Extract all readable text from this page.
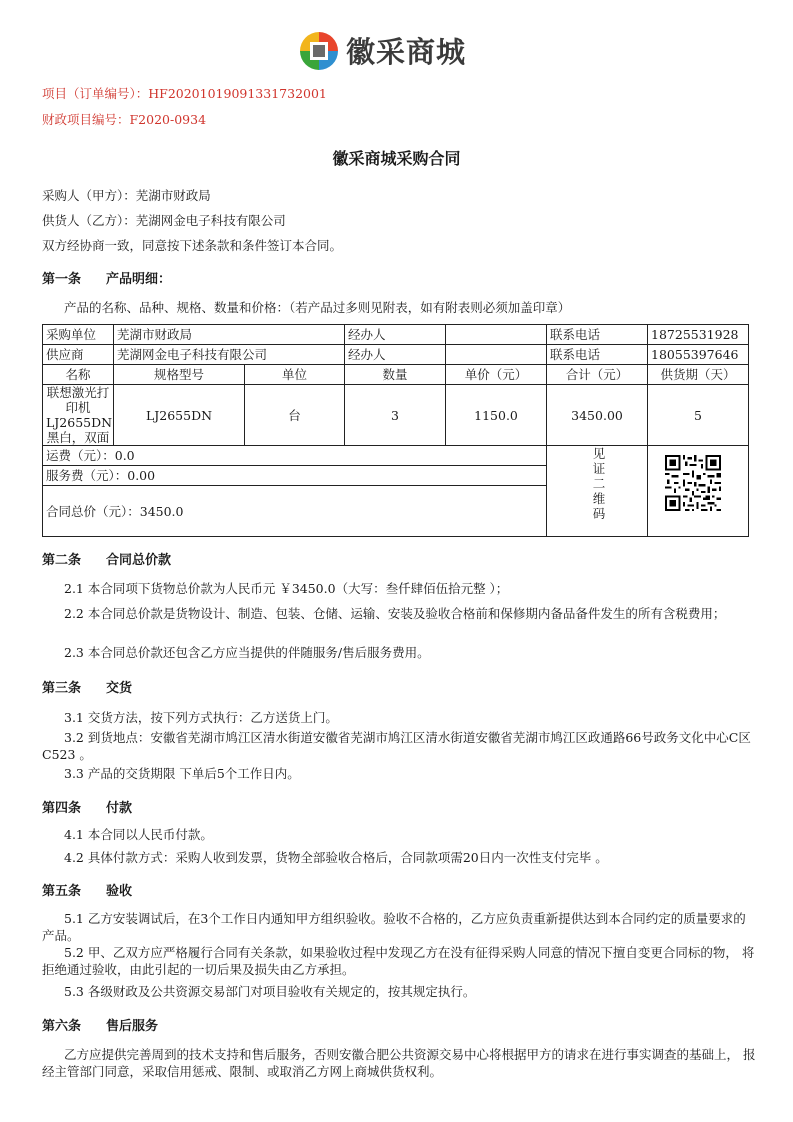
徽采商城
项目（订单编号）：HF20201019091331732001
财政项目编号：F2020-0934
徽采商城采购合同
采购人（甲方）：芜湖市财政局
供货人（乙方）：芜湖网金电子科技有限公司
双方经协商一致，同意按下述条款和条件签订本合同。
第一条 产品明细：
产品的名称、品种、规格、数量和价格：（若产品过多则见附表，如有附表则必须加盖印章）
采购单位	芜湖市财政局		经办人		联系电话	18725531928
供应商	芜湖网金电子科技有限公司		经办人		联系电话	18055397646
名称	规格型号	单位	数量	单价（元）	合计（元）	供货期（天）
联想激光打印机LJ2655DN 黑白，双面	LJ2655DN	台	3	1150.0	3450.00	5
运费（元）：0.0						
服务费（元）：0.00						
合同总价（元）：3450.0						
见证二维码
第二条 合同总价款
2.1 本合同项下货物总价款为人民币元 ￥3450.0（大写：叁仟肆佰伍拾元整 ）；
2.2 本合同总价款是货物设计、制造、包装、仓储、运输、安装及验收合格前和保修期内备品备件发生的所有含税费用；
2.3 本合同总价款还包含乙方应当提供的伴随服务/售后服务费用。
第三条 交货
3.1 交货方法，按下列方式执行：乙方送货上门。
3.2 到货地点：安徽省芜湖市鸠江区清水街道安徽省芜湖市鸠江区清水街道安徽省芜湖市鸠江区政通路66号政务文化中心C区C523 。
3.3 产品的交货期限 下单后5个工作日内。
第四条 付款
4.1 本合同以人民币付款。
4.2 具体付款方式：采购人收到发票，货物全部验收合格后，合同款项需20日内一次性支付完毕 。
第五条 验收
5.1 乙方安装调试后，在3个工作日内通知甲方组织验收。验收不合格的，乙方应负责重新提供达到本合同约定的质量要求的产品。
5.2 甲、乙双方应严格履行合同有关条款，如果验收过程中发现乙方在没有征得采购人同意的情况下擅自变更合同标的物， 将拒绝通过验收，由此引起的一切后果及损失由乙方承担。
5.3 各级财政及公共资源交易部门对项目验收有关规定的，按其规定执行。
第六条 售后服务
乙方应提供完善周到的技术支持和售后服务，否则安徽合肥公共资源交易中心将根据甲方的请求在进行事实调查的基础上， 报经主管部门同意，采取信用惩戒、限制、或取消乙方网上商城供货权利。
